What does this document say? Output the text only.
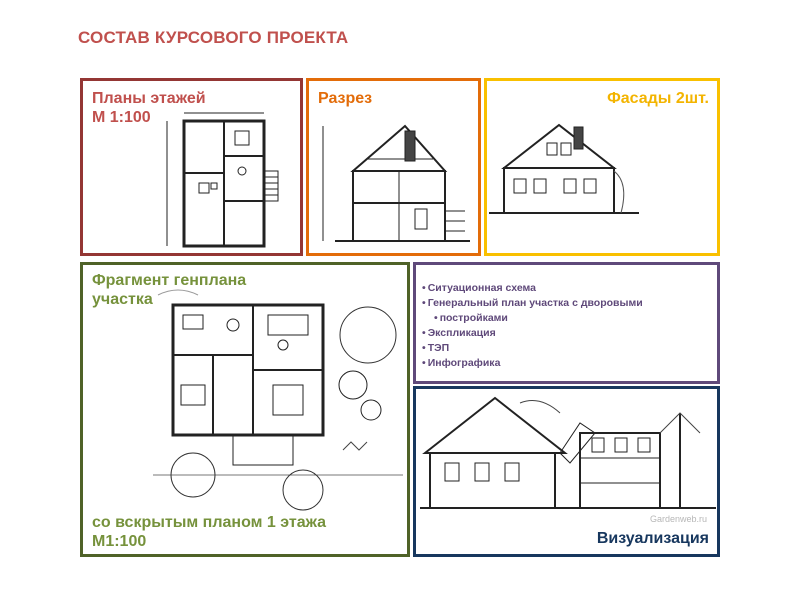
СОСТАВ КУРСОВОГО ПРОЕКТА
Планы этажей
М 1:100
Разрез	Фасады 2шт.
Фрагмент генплана
участка
со вскрытым планом 1 этажа
М1:100
• Ситуационная схема
• Генеральный план участка с дворовыми
• постройками
• Экспликация
• ТЭП
• Инфографика
Gardenweb.ru
Визуализация
